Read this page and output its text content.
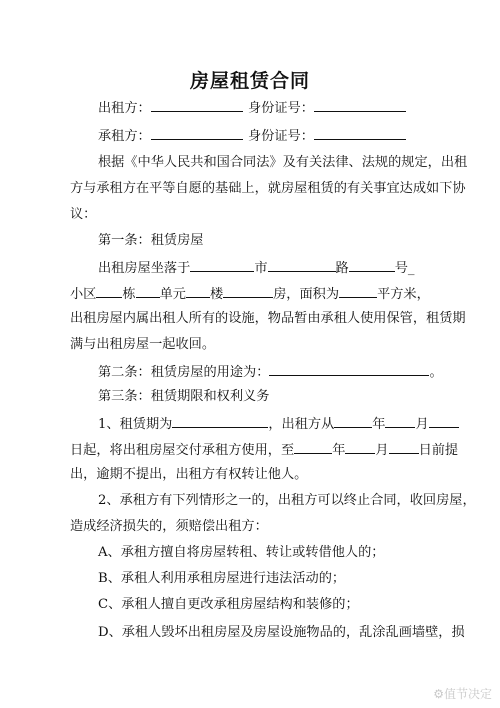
房屋租赁合同
出租方：	身份证号：
承租方：	身份证号：
根据《中华人民共和国合同法》及有关法律、法规的规定，出租
方与承租方在平等自愿的基础上，就房屋租赁的有关事宜达成如下协
议：
第一条：租赁房屋
出租房屋坐落于	市	路	号_
小区 栋 单元 楼	房，面积为	平方米，
出租房屋内属出租人所有的设施，物品暂由承租人使用保管，租赁期
满与出租房屋一起收回。
第二条：租赁房屋的用途为：	。
第三条：租赁期限和权利义务
1、租赁期为	，出租方从	年 月
日起，将出租房屋交付承租方使用，至	年 月 日前提
出，逾期不提出，出租方有权转让他人。
2、承租方有下列情形之一的，出租方可以终止合同，收回房屋，
造成经济损失的，须赔偿出租方：
A、承租方擅自将房屋转租、转让或转借他人的；
B、承租人利用承租房屋进行违法活动的；
C、承租人擅自更改承租房屋结构和装修的；
D、承租人毁坏出租房屋及房屋设施物品的，乱涂乱画墙壁，损
⚙值节决定
